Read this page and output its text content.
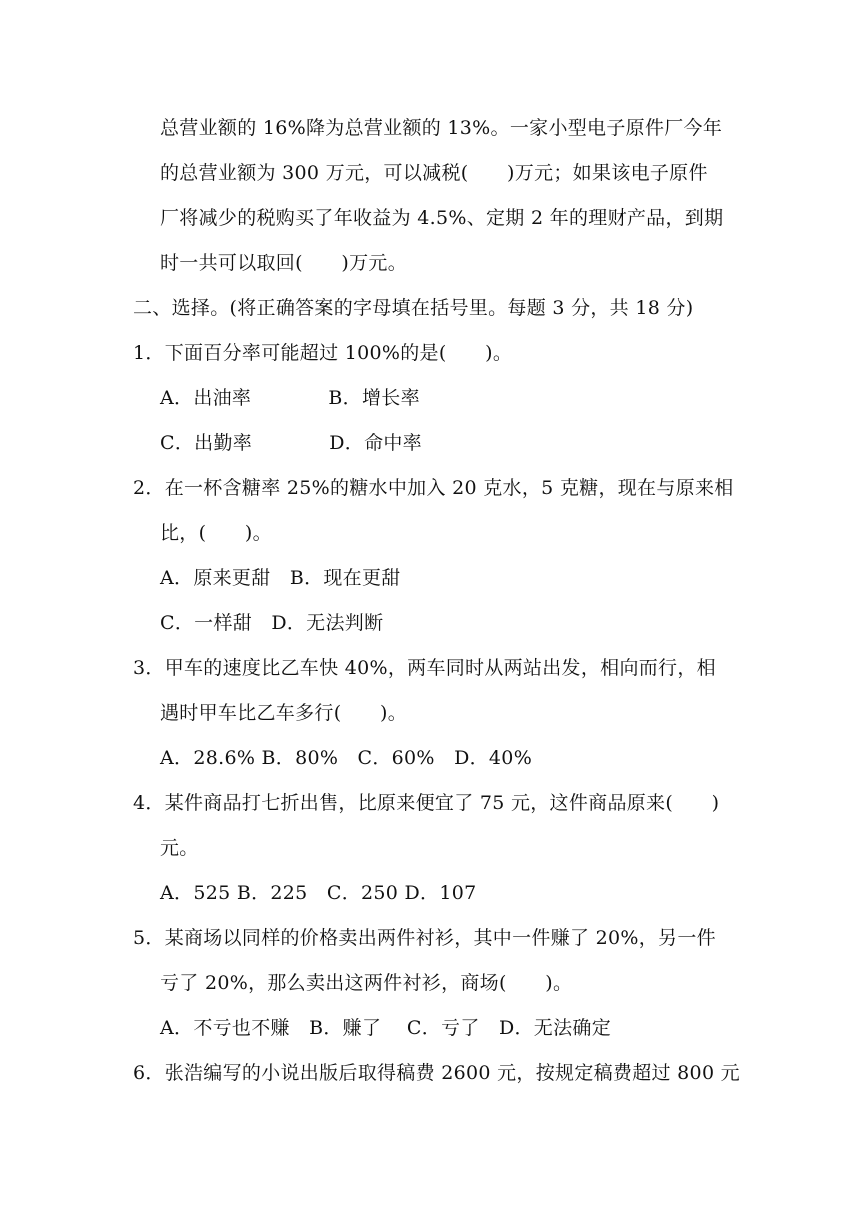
总营业额的 16%降为总营业额的 13%。一家小型电子原件厂今年
的总营业额为 300 万元，可以减税(　　)万元；如果该电子原件
厂将减少的税购买了年收益为 4.5%、定期 2 年的理财产品，到期
时一共可以取回(　　)万元。
二、选择。(将正确答案的字母填在括号里。每题 3 分，共 18 分)
1．下面百分率可能超过 100%的是(　　)。
A．出油率　　　　B．增长率
C．出勤率　　　　D．命中率
2．在一杯含糖率 25%的糖水中加入 20 克水，5 克糖，现在与原来相
比，(　　)。
A．原来更甜　B．现在更甜
C．一样甜　D．无法判断
3．甲车的速度比乙车快 40%，两车同时从两站出发，相向而行，相
遇时甲车比乙车多行(　　)。
A．28.6% B．80%　C．60%　D．40%
4．某件商品打七折出售，比原来便宜了 75 元，这件商品原来(　　)
元。
A．525 B．225　C．250 D．107
5．某商场以同样的价格卖出两件衬衫，其中一件赚了 20%，另一件
亏了 20%，那么卖出这两件衬衫，商场(　　)。
A．不亏也不赚　B．赚了　 C．亏了　D．无法确定
6．张浩编写的小说出版后取得稿费 2600 元，按规定稿费超过 800 元
